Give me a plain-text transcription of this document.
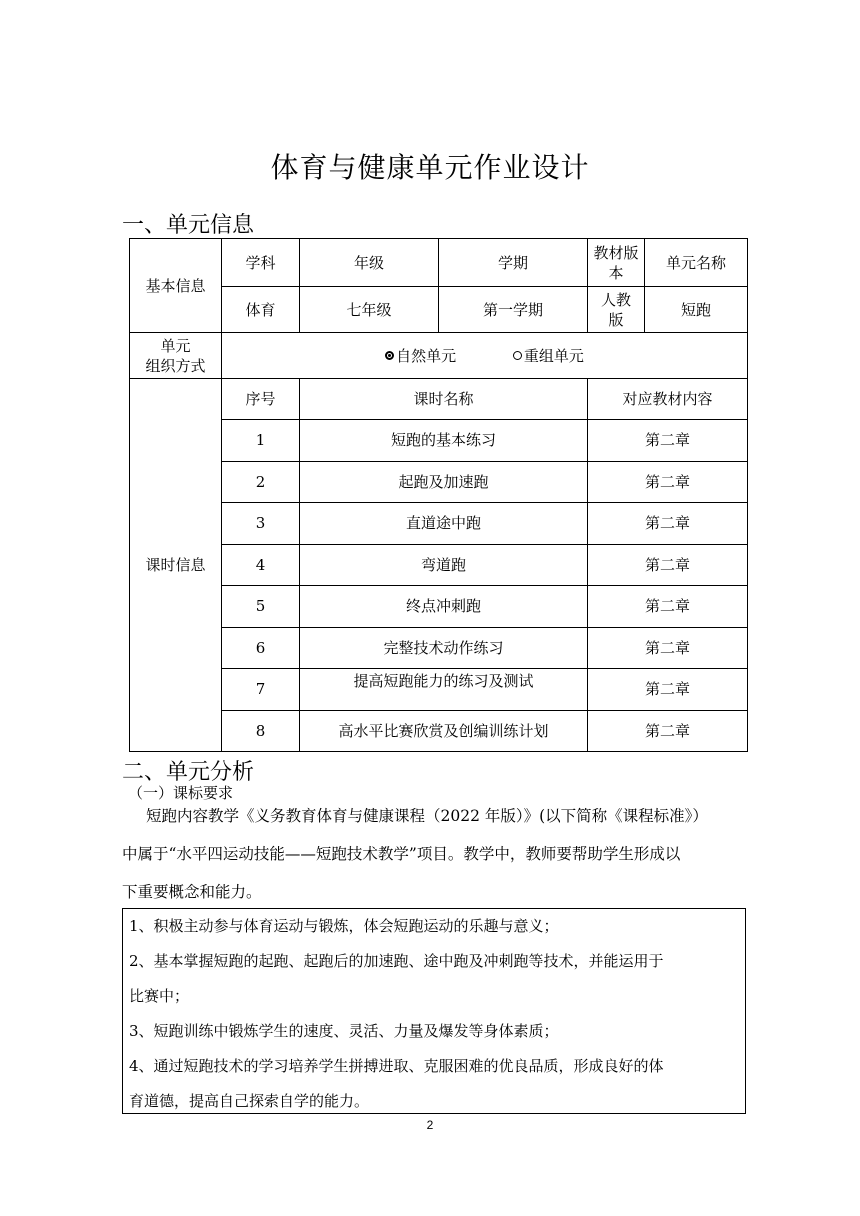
体育与健康单元作业设计
一、单元信息
基本信息	学科	年级	学期	教材版本	单元名称
	体育	七年级	第一学期	人教版	短跑

单元
组织方式	自然单元 重组单元				
课时信息	序号	课时名称		对应教材内容	
	1	短跑的基本练习		第二章	
	2	起跑及加速跑		第二章	
	3	直道途中跑		第二章	
	4	弯道跑		第二章	
	5	终点冲刺跑		第二章	
	6	完整技术动作练习		第二章	
	7	提高短跑能力的练习及测试		第二章	
	8	高水平比赛欣赏及创编训练计划		第二章	
二、单元分析
（一）课标要求
短跑内容教学《义务教育体育与健康课程（2022 年版）》(以下简称《课程标准》）
中属于“水平四运动技能——短跑技术教学”项目。教学中，教师要帮助学生形成以
下重要概念和能力。

1、积极主动参与体育运动与锻炼，体会短跑运动的乐趣与意义；

2、基本掌握短跑的起跑、起跑后的加速跑、途中跑及冲刺跑等技术，并能运用于

比赛中；

3、短跑训练中锻炼学生的速度、灵活、力量及爆发等身体素质；

4、通过短跑技术的学习培养学生拼搏进取、克服困难的优良品质，形成良好的体

育道德，提高自己探索自学的能力。

2
